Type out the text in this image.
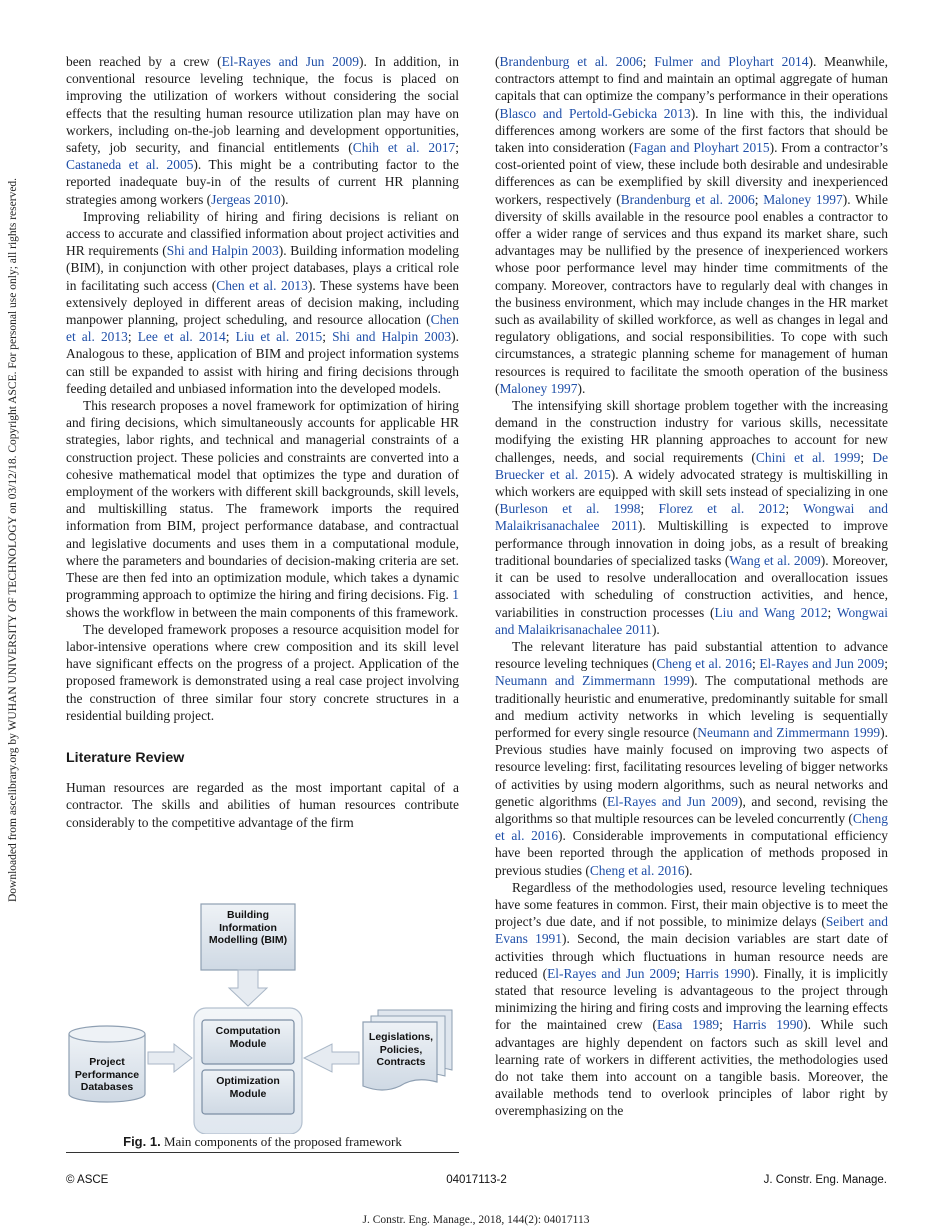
Downloaded from ascelibrary.org by WUHAN UNIVERSITY OF TECHNOLOGY on 03/12/18. Copyright ASCE. For personal use only; all rights reserved.

been reached by a crew (El-Rayes and Jun 2009). In addition, in conventional resource leveling technique, the focus is placed on improving the utilization of workers without considering the social effects that the resulting human resource utilization plan may have on workers, including on-the-job learning and development opportunities, safety, job security, and financial entitlements (Chih et al. 2017; Castaneda et al. 2005). This might be a contributing factor to the reported inadequate buy-in of the results of current HR planning strategies among workers (Jergeas 2010).

Improving reliability of hiring and firing decisions is reliant on access to accurate and classified information about project activities and HR requirements (Shi and Halpin 2003). Building information modeling (BIM), in conjunction with other project databases, plays a critical role in facilitating such access (Chen et al. 2013). These systems have been extensively deployed in different areas of decision making, including manpower planning, project scheduling, and resource allocation (Chen et al. 2013; Lee et al. 2014; Liu et al. 2015; Shi and Halpin 2003). Analogous to these, application of BIM and project information systems can still be expanded to assist with hiring and firing decisions through feeding detailed and unbiased information into the developed models.

This research proposes a novel framework for optimization of hiring and firing decisions, which simultaneously accounts for applicable HR strategies, labor rights, and technical and managerial constraints of a construction project. These policies and constraints are converted into a cohesive mathematical model that optimizes the type and duration of employment of the workers with different skill backgrounds, skill levels, and multiskilling status. The framework imports the required information from BIM, project performance database, and contractual and legislative documents and uses them in a computational module, where the parameters and boundaries of decision-making criteria are set. These are then fed into an optimization module, which takes a dynamic programming approach to optimize the hiring and firing decisions. Fig. 1 shows the workflow in between the main components of this framework.

The developed framework proposes a resource acquisition model for labor-intensive operations where crew composition and its skill level have significant effects on the progress of a project. Application of the proposed framework is demonstrated using a real case project involving the construction of three similar four story concrete structures in a residential building project.

Literature Review

Human resources are regarded as the most important capital of a contractor. The skills and abilities of human resources contribute considerably to the competitive advantage of the firm

Building Information Modelling (BIM)
Computation Module
Optimization Module
Project Performance Databases
Legislations, Policies, Contracts
Fig. 1. Main components of the proposed framework

(Brandenburg et al. 2006; Fulmer and Ployhart 2014). Meanwhile, contractors attempt to find and maintain an optimal aggregate of human capitals that can optimize the company’s performance in their operations (Blasco and Pertold-Gebicka 2013). In line with this, the individual differences among workers are some of the first factors that should be taken into consideration (Fagan and Ployhart 2015). From a contractor’s cost-oriented point of view, these include both desirable and undesirable differences as can be exemplified by skill diversity and inexperienced workers, respectively (Brandenburg et al. 2006; Maloney 1997). While diversity of skills available in the resource pool enables a contractor to offer a wider range of services and thus expand its market share, such advantages may be nullified by the presence of inexperienced workers whose poor performance level may hinder time commitments of the company. Moreover, contractors have to regularly deal with changes in the business environment, which may include changes in the HR market such as availability of skilled workforce, as well as changes in legal and regulatory obligations, and social responsibilities. To cope with such circumstances, a strategic planning scheme for management of human resources is required to facilitate the smooth operation of the business (Maloney 1997).

The intensifying skill shortage problem together with the increasing demand in the construction industry for various skills, necessitate modifying the existing HR planning approaches to account for new challenges, needs, and social requirements (Chini et al. 1999; De Bruecker et al. 2015). A widely advocated strategy is multiskilling in which workers are equipped with skill sets instead of specializing in one (Burleson et al. 1998; Florez et al. 2012; Wongwai and Malaikrisanachalee 2011). Multiskilling is expected to improve performance through innovation in doing jobs, as a result of breaking traditional boundaries of specialized tasks (Wang et al. 2009). Moreover, it can be used to resolve underallocation and overallocation issues associated with scheduling of construction activities, and hence, variabilities in construction processes (Liu and Wang 2012; Wongwai and Malaikrisanachalee 2011).

The relevant literature has paid substantial attention to advance resource leveling techniques (Cheng et al. 2016; El-Rayes and Jun 2009; Neumann and Zimmermann 1999). The computational methods are traditionally heuristic and enumerative, predominantly suitable for small and medium activity networks in which leveling is sequentially performed for every single resource (Neumann and Zimmermann 1999). Previous studies have mainly focused on improving two aspects of resource leveling: first, facilitating resources leveling of bigger networks of activities by using modern algorithms, such as neural networks and genetic algorithms (El-Rayes and Jun 2009), and second, revising the algorithms so that multiple resources can be leveled concurrently (Cheng et al. 2016). Considerable improvements in computational efficiency have been reported through the application of methods proposed in previous studies (Cheng et al. 2016).

Regardless of the methodologies used, resource leveling techniques have some features in common. First, their main objective is to meet the project’s due date, and if not possible, to minimize delays (Seibert and Evans 1991). Second, the main decision variables are start date of activities through which fluctuations in human resource needs are reduced (El-Rayes and Jun 2009; Harris 1990). Finally, it is implicitly stated that resource leveling is advantageous to the project through minimizing the hiring and firing costs and improving the learning effects for the maintained crew (Easa 1989; Harris 1990). While such advantages are highly dependent on factors such as skill level and learning rate of workers in different activities, the methodologies used do not take them into account on a tangible basis. Moreover, the available methods tend to overlook principles of labor right by overemphasizing on the

© ASCE	04017113-2	J. Constr. Eng. Manage.
J. Constr. Eng. Manage., 2018, 144(2): 04017113
